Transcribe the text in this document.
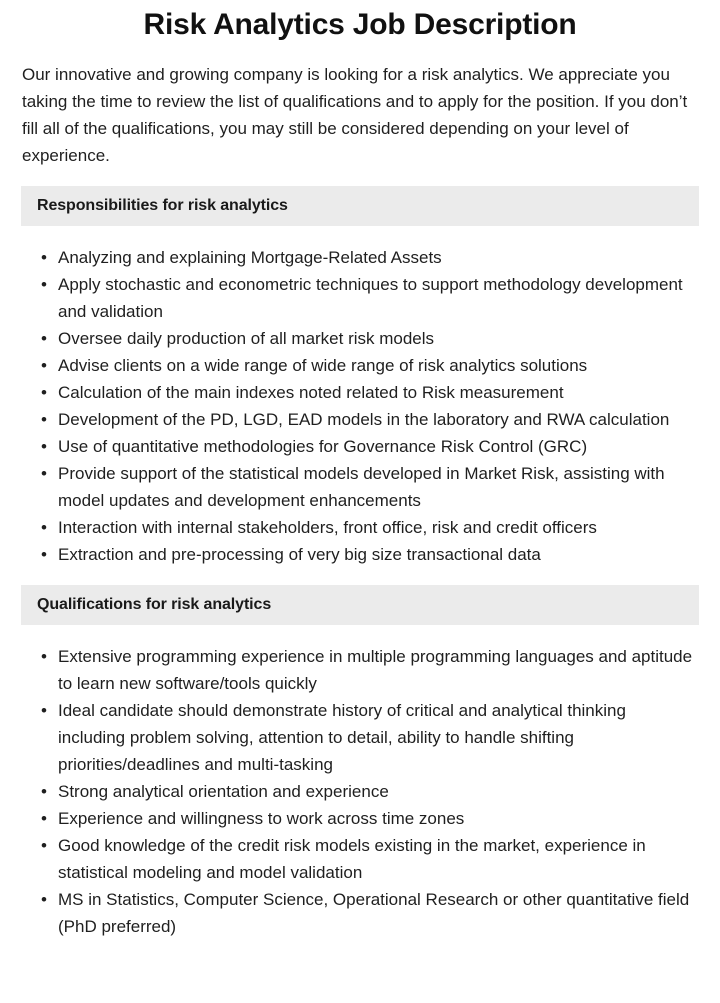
Risk Analytics Job Description

Our innovative and growing company is looking for a risk analytics. We appreciate you taking the time to review the list of qualifications and to apply for the position. If you don’t fill all of the qualifications, you may still be considered depending on your level of experience.

Responsibilities for risk analytics
• Analyzing and explaining Mortgage-Related Assets
• Apply stochastic and econometric techniques to support methodology development and validation
• Oversee daily production of all market risk models
• Advise clients on a wide range of wide range of risk analytics solutions
• Calculation of the main indexes noted related to Risk measurement
• Development of the PD, LGD, EAD models in the laboratory and RWA calculation
• Use of quantitative methodologies for Governance Risk Control (GRC)
• Provide support of the statistical models developed in Market Risk, assisting with model updates and development enhancements
• Interaction with internal stakeholders, front office, risk and credit officers
• Extraction and pre-processing of very big size transactional data
Qualifications for risk analytics
• Extensive programming experience in multiple programming languages and aptitude to learn new software/tools quickly
• Ideal candidate should demonstrate history of critical and analytical thinking including problem solving, attention to detail, ability to handle shifting priorities/deadlines and multi-tasking
• Strong analytical orientation and experience
• Experience and willingness to work across time zones
• Good knowledge of the credit risk models existing in the market, experience in statistical modeling and model validation
• MS in Statistics, Computer Science, Operational Research or other quantitative field (PhD preferred)
